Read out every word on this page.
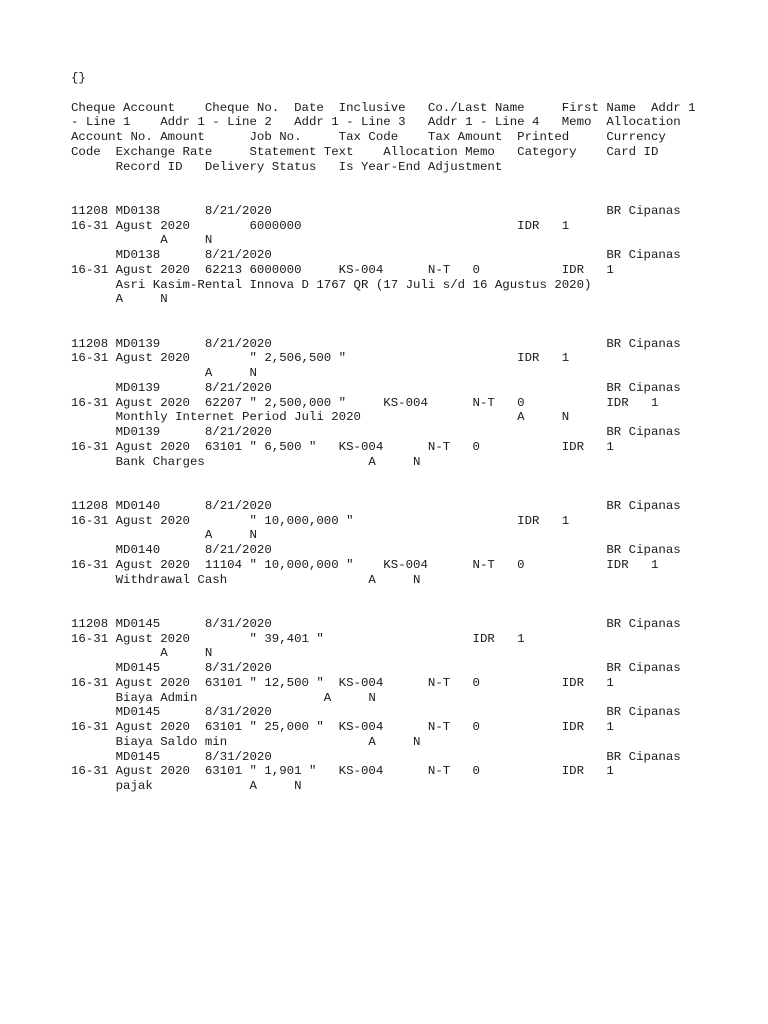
{}

Cheque Account    Cheque No.  Date  Inclusive   Co./Last Name     First Name  Addr 1
- Line 1    Addr 1 - Line 2   Addr 1 - Line 3   Addr 1 - Line 4   Memo  Allocation
Account No. Amount      Job No.     Tax Code    Tax Amount  Printed     Currency
Code  Exchange Rate     Statement Text    Allocation Memo   Category    Card ID
Record ID   Delivery Status   Is Year-End Adjustment

11208 MD0138      8/21/2020                                             BR Cipanas
16-31 Agust 2020        6000000                             IDR   1
A     N
MD0138      8/21/2020                                             BR Cipanas
16-31 Agust 2020  62213 6000000     KS-004      N-T   0           IDR   1
Asri Kasim-Rental Innova D 1767 QR (17 Juli s/d 16 Agustus 2020)
A     N

11208 MD0139      8/21/2020                                             BR Cipanas
16-31 Agust 2020        " 2,506,500 "                       IDR   1
A     N
MD0139      8/21/2020                                             BR Cipanas
16-31 Agust 2020  62207 " 2,500,000 "     KS-004      N-T   0           IDR   1
Monthly Internet Period Juli 2020                     A     N
MD0139      8/21/2020                                             BR Cipanas
16-31 Agust 2020  63101 " 6,500 "   KS-004      N-T   0           IDR   1
Bank Charges                      A     N

11208 MD0140      8/21/2020                                             BR Cipanas
16-31 Agust 2020        " 10,000,000 "                      IDR   1
A     N
MD0140      8/21/2020                                             BR Cipanas
16-31 Agust 2020  11104 " 10,000,000 "    KS-004      N-T   0           IDR   1
Withdrawal Cash                   A     N

11208 MD0145      8/31/2020                                             BR Cipanas
16-31 Agust 2020        " 39,401 "                    IDR   1
A     N
MD0145      8/31/2020                                             BR Cipanas
16-31 Agust 2020  63101 " 12,500 "  KS-004      N-T   0           IDR   1
Biaya Admin                 A     N
MD0145      8/31/2020                                             BR Cipanas
16-31 Agust 2020  63101 " 25,000 "  KS-004      N-T   0           IDR   1
Biaya Saldo min                   A     N
MD0145      8/31/2020                                             BR Cipanas
16-31 Agust 2020  63101 " 1,901 "   KS-004      N-T   0           IDR   1
pajak             A     N
